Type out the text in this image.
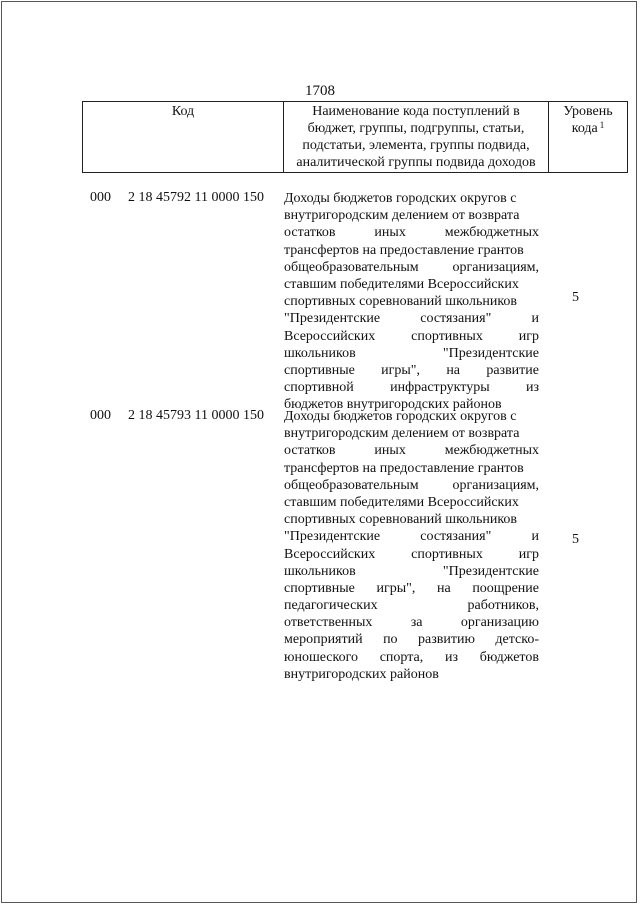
1708
Код	Наименование кода поступлений в
бюджет, группы, подгруппы, статьи,
подстатьи, элемента, группы подвида,
аналитической группы подвида доходов

Уровень
кода $^1$
000 2 18 45792 11 0000 150 Доходы бюджетов городских округов с
внутригородским делением от возврата
остатков	иных	межбюджетных
трансфертов на предоставление грантов
общеобразовательным организациям,
ставшим победителями Всероссийских
спортивных соревнований школьников
"Президентские	состязания"	и
Всероссийских	спортивных	игр
школьников	"Президентские
спортивные игры", на развитие
спортивной	инфраструктуры	из
бюджетов внутригородских районов
5
000 2 18 45793 11 0000 150 Доходы бюджетов городских округов с
внутригородским делением от возврата
остатков	иных	межбюджетных
трансфертов на предоставление грантов
общеобразовательным организациям,
ставшим победителями Всероссийских
спортивных соревнований школьников
"Президентские	состязания"	и
Всероссийских	спортивных	игр
школьников	"Президентские
спортивные игры", на поощрение
педагогических	работников,
ответственных	за	организацию
мероприятий по развитию детско-
юношеского спорта, из бюджетов
внутригородских районов
5
